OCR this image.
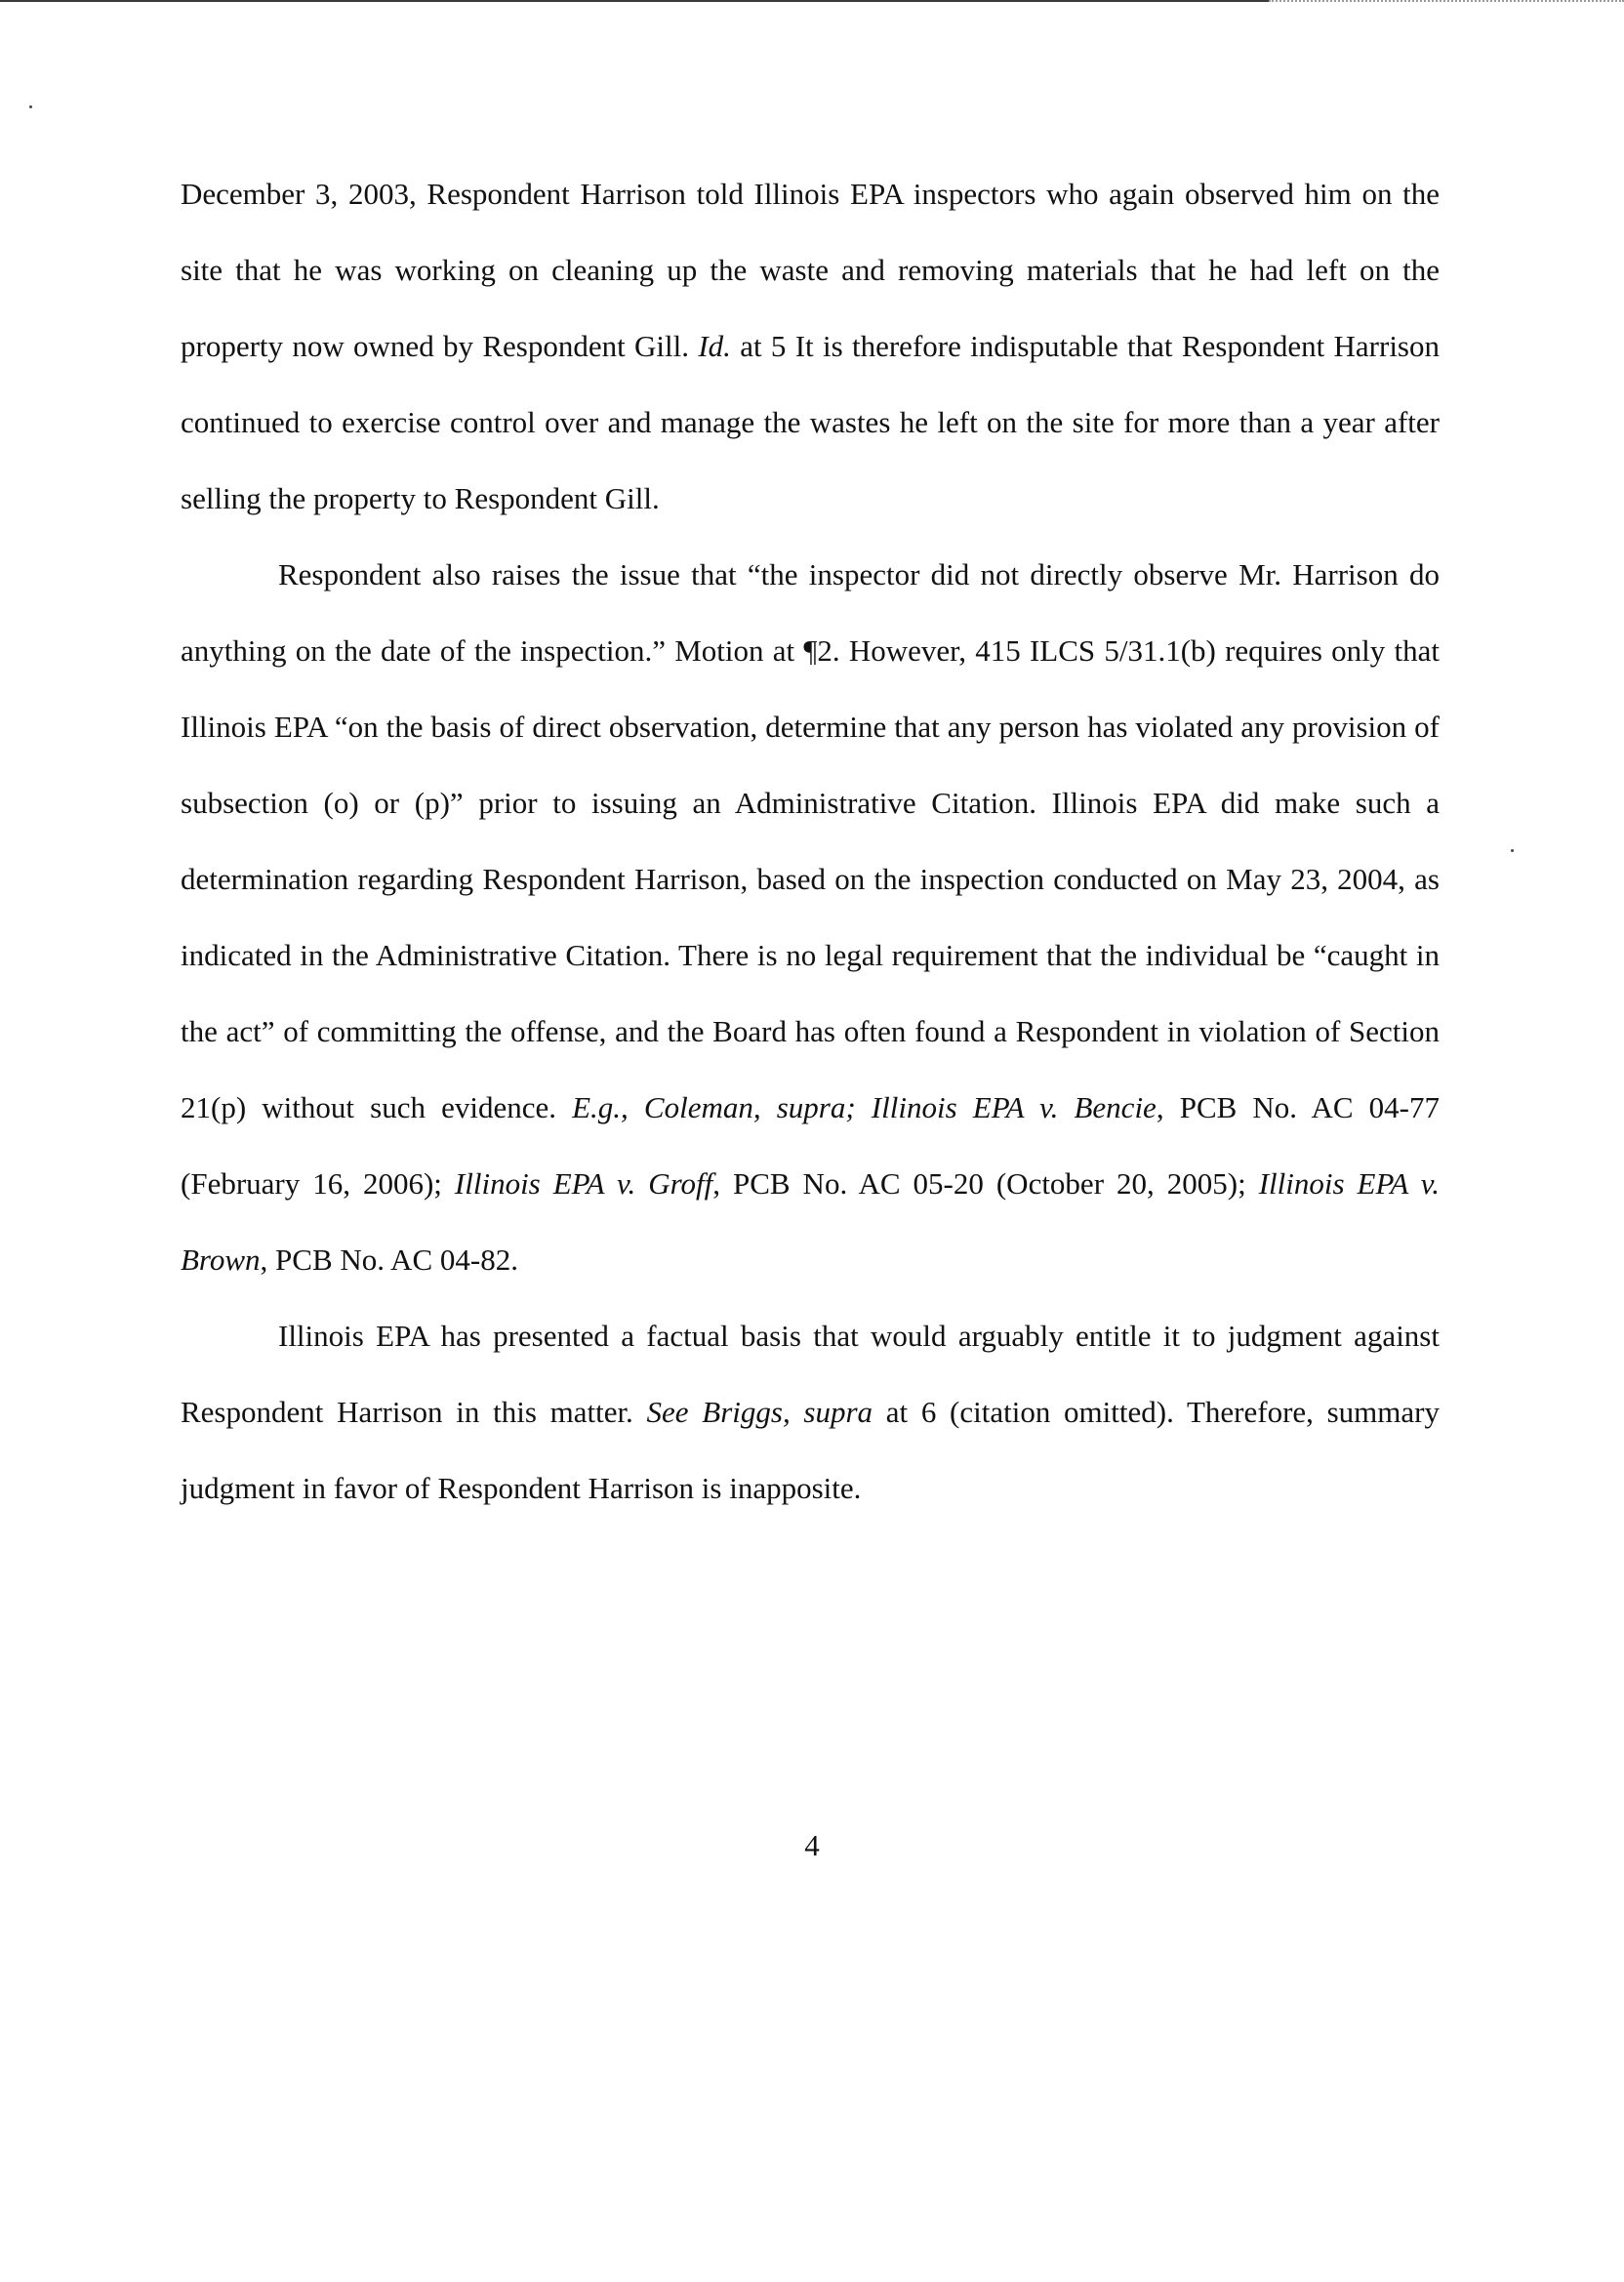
December 3, 2003, Respondent Harrison told Illinois EPA inspectors who again observed him on the site that he was working on cleaning up the waste and removing materials that he had left on the property now owned by Respondent Gill. Id. at 5 It is therefore indisputable that Respondent Harrison continued to exercise control over and manage the wastes he left on the site for more than a year after selling the property to Respondent Gill.

Respondent also raises the issue that “the inspector did not directly observe Mr. Harrison do anything on the date of the inspection.” Motion at ¶2. However, 415 ILCS 5/31.1(b) requires only that Illinois EPA “on the basis of direct observation, determine that any person has violated any provision of subsection (o) or (p)” prior to issuing an Administrative Citation. Illinois EPA did make such a determination regarding Respondent Harrison, based on the inspection conducted on May 23, 2004, as indicated in the Administrative Citation. There is no legal requirement that the individual be “caught in the act” of committing the offense, and the Board has often found a Respondent in violation of Section 21(p) without such evidence. E.g., Coleman, supra; Illinois EPA v. Bencie, PCB No. AC 04-77 (February 16, 2006); Illinois EPA v. Groff, PCB No. AC 05-20 (October 20, 2005); Illinois EPA v. Brown, PCB No. AC 04-82.

Illinois EPA has presented a factual basis that would arguably entitle it to judgment against Respondent Harrison in this matter. See Briggs, supra at 6 (citation omitted). Therefore, summary judgment in favor of Respondent Harrison is inapposite.

4
